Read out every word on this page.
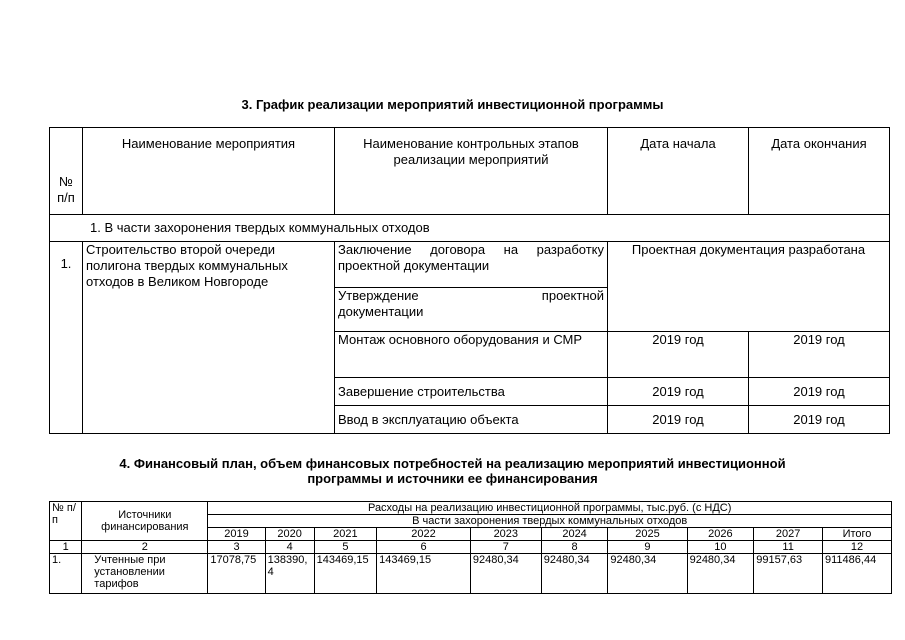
3. График реализации мероприятий инвестиционной программы
№ п/п	Наименование мероприятия	Наименование контрольных этапов реализации мероприятий	Дата начала	Дата окончания
1. В части захоронения твердых коммунальных отходов				
1.	Строительство второй очереди полигона твердых коммунальных отходов в Великом Новгороде	Заключение договора на разработку проектной документации	Проектная документация разработана	

		Утверждение проектной
документации		

		Монтаж основного оборудования и СМР	2019 год	2019 год
		Завершение строительства	2019 год	2019 год
		Ввод в эксплуатацию объекта	2019 год	2019 год
4. Финансовый план, объем финансовых потребностей на реализацию мероприятий инвестиционной
программы и источники ее финансирования
№ п/п	Источники финансирования	Расходы на реализацию инвестиционной программы, тыс.руб. (с НДС)									
		В части захоронения твердых коммунальных отходов									
		2019	2020	2021	2022	2023	2024	2025	2026	2027	Итого
1	2	3	4	5	6	7	8	9	10	11	12
1.	Учтенные при установлении тарифов	17078,75	138390,4	143469,15	143469,15	92480,34	92480,34	92480,34	92480,34	99157,63	911486,44
